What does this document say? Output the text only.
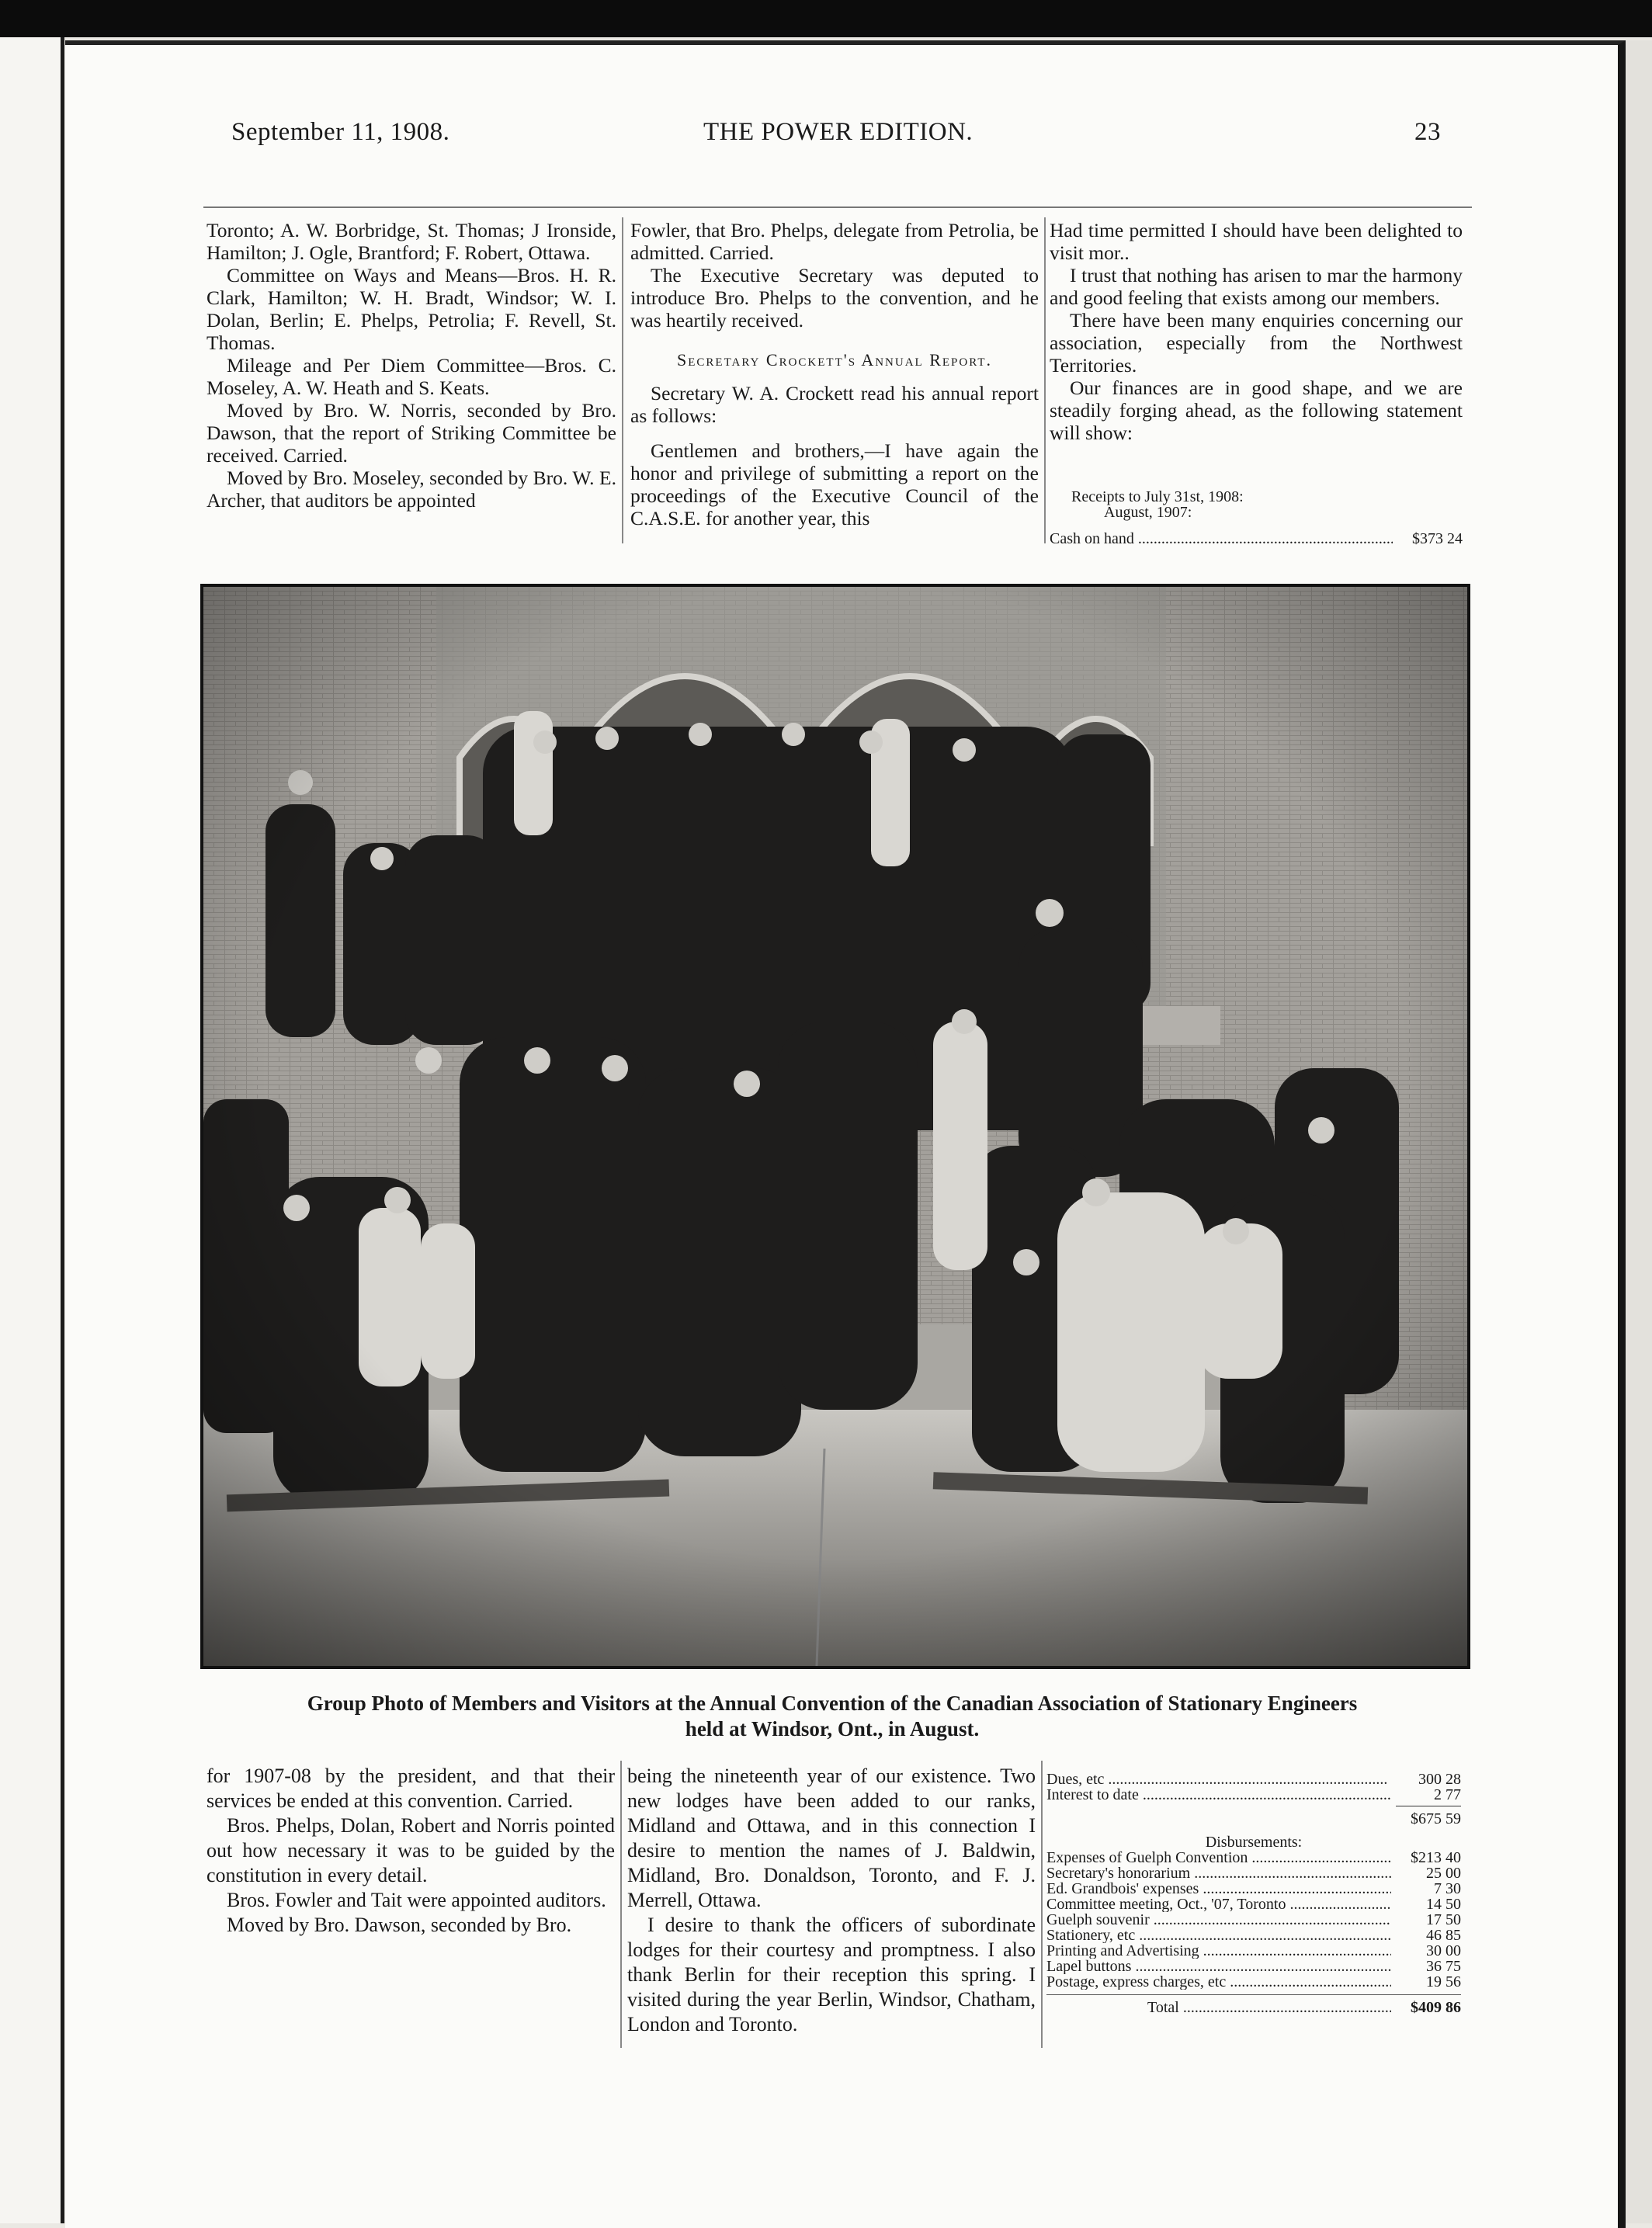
September 11, 1908.	THE POWER EDITION.	23

Toronto; A. W. Borbridge, St. Thomas; J Ironside, Hamilton; J. Ogle, Brantford; F. Robert, Ottawa.

Committee on Ways and Means—Bros. H. R. Clark, Hamilton; W. H. Bradt, Windsor; W. I. Dolan, Berlin; E. Phelps, Petrolia; F. Revell, St. Thomas.

Mileage and Per Diem Committee—Bros. C. Moseley, A. W. Heath and S. Keats.

Moved by Bro. W. Norris, seconded by Bro. Dawson, that the report of Striking Committee be received. Carried.

Moved by Bro. Moseley, seconded by Bro. W. E. Archer, that auditors be appointed

Fowler, that Bro. Phelps, delegate from Petrolia, be admitted. Carried.

The Executive Secretary was deputed to introduce Bro. Phelps to the convention, and he was heartily received.

Secretary Crockett's Annual Report.

Secretary W. A. Crockett read his annual report as follows:

Gentlemen and brothers,—I have again the honor and privilege of submitting a report on the proceedings of the Executive Council of the C.A.S.E. for another year, this

Had time permitted I should have been delighted to visit mor..

I trust that nothing has arisen to mar the harmony and good feeling that exists among our members.

There have been many enquiries concerning our association, especially from the Northwest Territories.

Our finances are in good shape, and we are steadily forging ahead, as the following statement will show:

Receipts to July 31st, 1908:
August, 1907:
Cash on hand .....	$373 24
Group Photo of Members and Visitors at the Annual Convention of the Canadian Association of Stationary Engineers
held at Windsor, Ont., in August.

for 1907-08 by the president, and that their services be ended at this convention. Carried.

Bros. Phelps, Dolan, Robert and Norris pointed out how necessary it was to be guided by the constitution in every detail.

Bros. Fowler and Tait were appointed auditors.

Moved by Bro. Dawson, seconded by Bro.

being the nineteenth year of our existence. Two new lodges have been added to our ranks, Midland and Ottawa, and in this connection I desire to mention the names of J. Baldwin, Midland, Bro. Donaldson, Toronto, and F. J. Merrell, Ottawa.

I desire to thank the officers of subordinate lodges for their courtesy and promptness. I also thank Berlin for their reception this spring. I visited during the year Berlin, Windsor, Chatham, London and Toronto.

Dues, etc .....	300 28
Interest to date .....	2 77
$675 59
Disbursements:
Expenses of Guelph Convention .....	$213 40
Secretary's honorarium .....	25 00
Ed. Grandbois' expenses .....	7 30
Committee meeting, Oct., '07, Toronto .....	14 50
Guelph souvenir .....	17 50
Stationery, etc .....	46 85
Printing and Advertising .....	30 00
Lapel buttons .....	36 75
Postage, express charges, etc .....	19 56
Total .....	$409 86
